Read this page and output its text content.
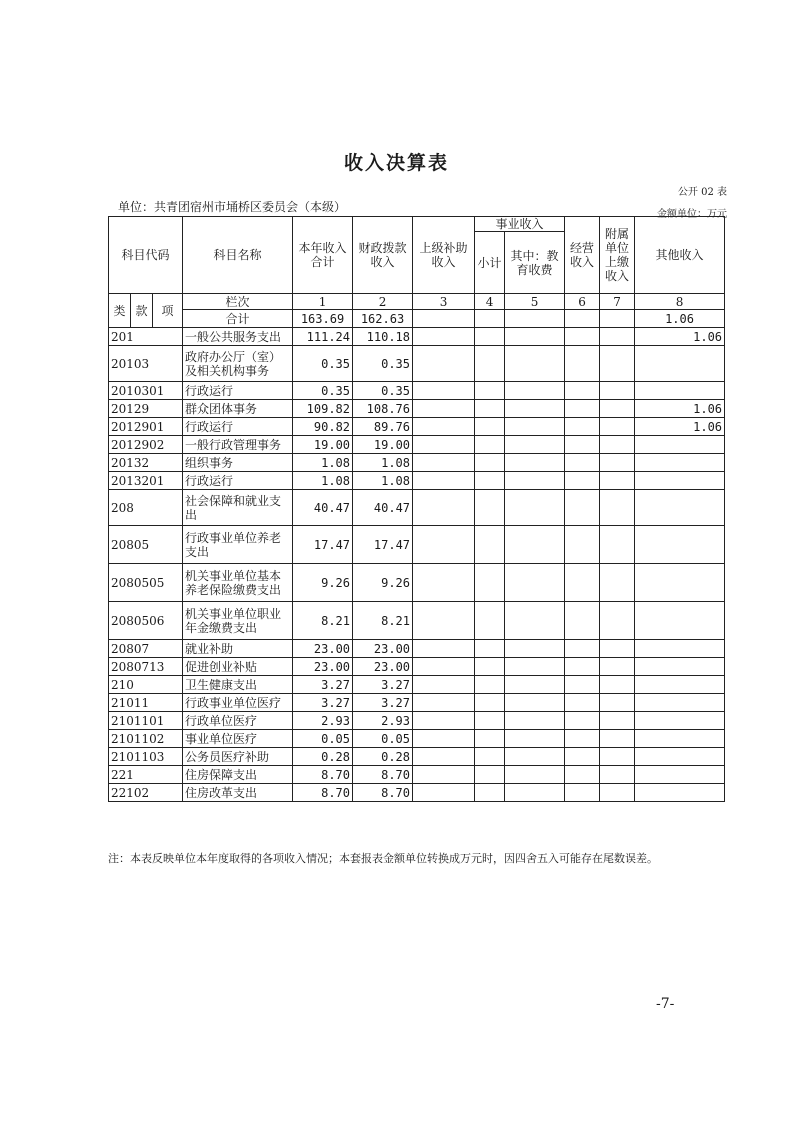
收入决算表
公开 02 表
单位：共青团宿州市埇桥区委员会（本级）
金额单位：万元
科目代码			科目名称	本年收入合计	财政拨款收入	上级补助收入	事业收入		经营收入	附属单位上缴收入	其他收入
							小计	其中：教育收费			

类	款	项	栏次	1	2	3	4	5	6	7	8
			合计	163.69	162.63						1.06
201			一般公共服务支出	111.24	110.18						1.06
20103			政府办公厅（室）及相关机构事务	0.35	0.35						
2010301			行政运行	0.35	0.35						
20129			群众团体事务	109.82	108.76						1.06
2012901			行政运行	90.82	89.76						1.06
2012902			一般行政管理事务	19.00	19.00						
20132			组织事务	1.08	1.08						
2013201			行政运行	1.08	1.08						
208			社会保障和就业支出	40.47	40.47						
20805			行政事业单位养老支出	17.47	17.47						
2080505			机关事业单位基本养老保险缴费支出	9.26	9.26						
2080506			机关事业单位职业年金缴费支出	8.21	8.21						
20807			就业补助	23.00	23.00						
2080713			促进创业补贴	23.00	23.00						
210			卫生健康支出	3.27	3.27						
21011			行政事业单位医疗	3.27	3.27						
2101101			行政单位医疗	2.93	2.93						
2101102			事业单位医疗	0.05	0.05						
2101103			公务员医疗补助	0.28	0.28						
221			住房保障支出	8.70	8.70						
22102			住房改革支出	8.70	8.70						
注：本表反映单位本年度取得的各项收入情况；本套报表金额单位转换成万元时，因四舍五入可能存在尾数误差。
-7-
